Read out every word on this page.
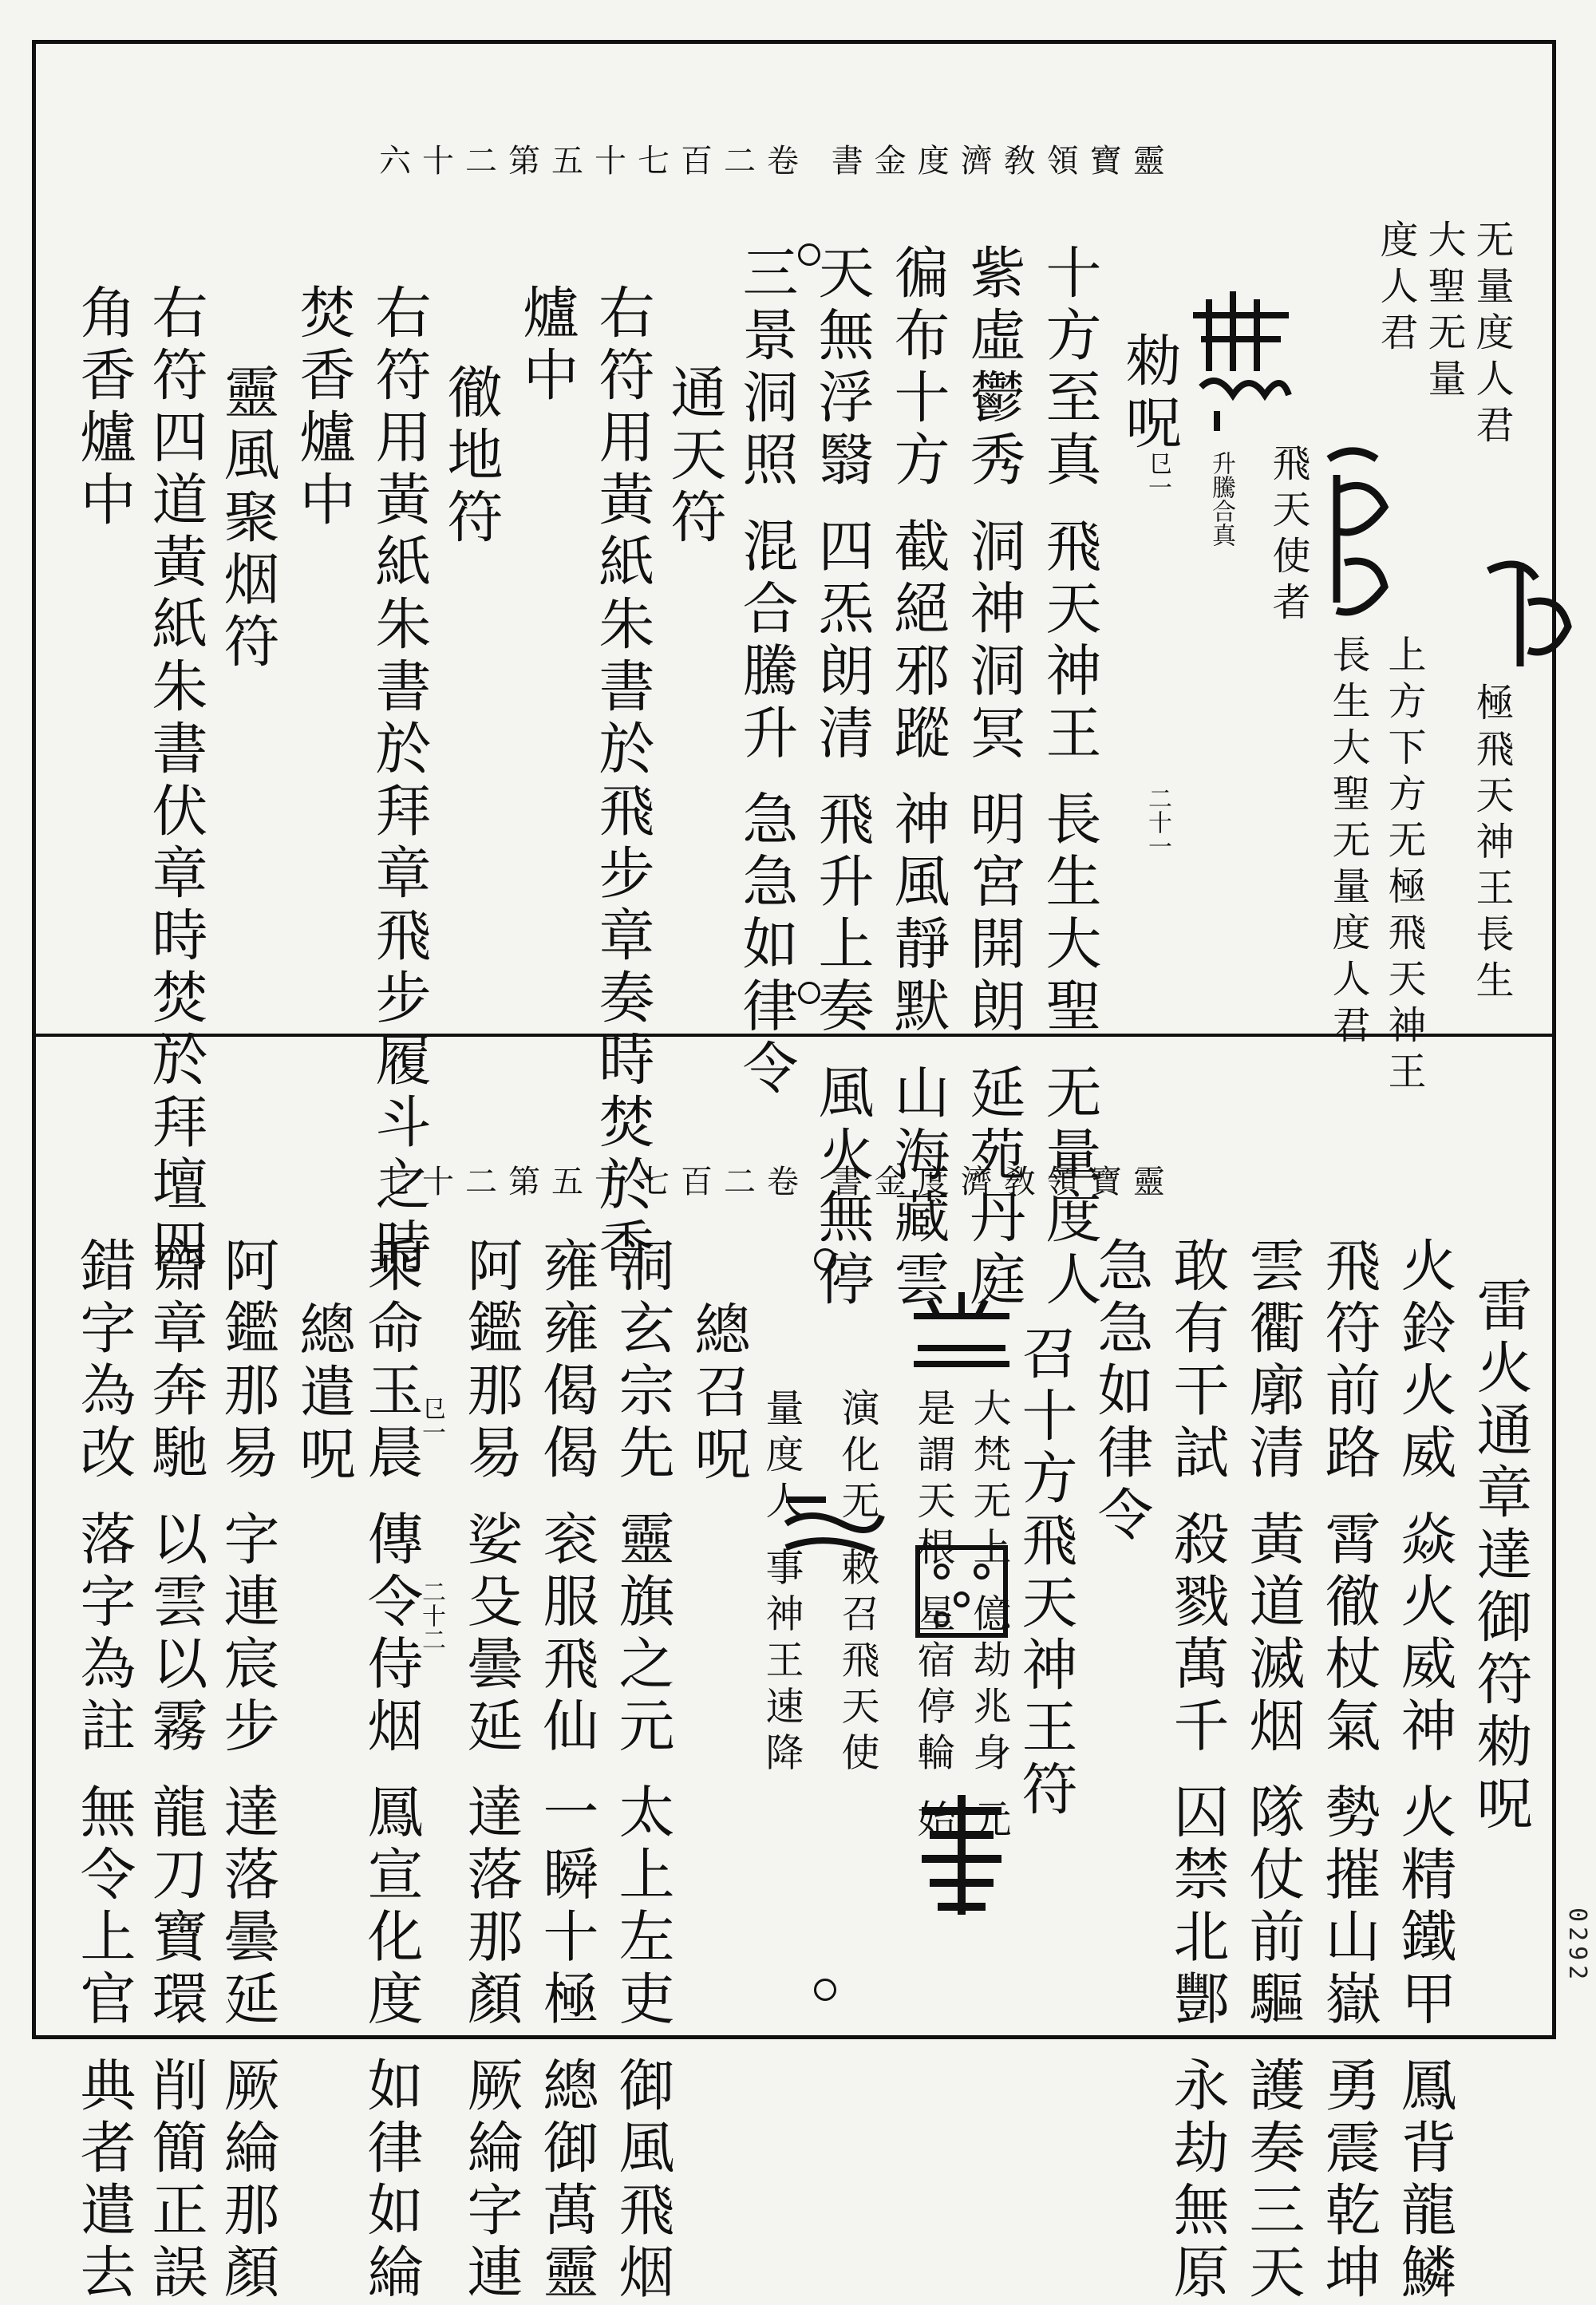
六十二第五十七百二卷 書金度濟敎領寶靈
㔾一
二十一
无量度人君
大聖无量
度人君
上方下方无極飛天神王
長生大聖无量度人君	極飛天神王長生
飛天使者
升騰合真
勑呪
十方至真 飛天神王 長生大聖 无量度人
紫虛鬱秀 洞神洞冥 明宮開朗 延苑丹庭
徧布十方 截絕邪蹤 神風靜默 山海藏雲
天無浮翳 四炁朗清 飛升上奏 風火無停
三景洞照 混合騰升 急急如律令
通天符
右符用黃紙朱書於飛步章奏時焚於香
爐中
徹地符
右符用黃紙朱書於拜章飛步履斗之時
焚香爐中
靈風聚烟符
右符四道黃紙朱書伏章時焚於拜壇四
角香爐中
七十二第五十七百二卷 書金度濟敎領寶靈
㔾一
二十二	雷火通章達御符勑呪
火鈴火威 焱火威神 火精鐵甲 鳳背龍鱗
飛符前路 霄徹杖氣 勢摧山嶽 勇震乾坤
雲衢廓清 黃道滅烟 隊仗前驅 護奏三天
敢有干試 殺戮萬千 囚禁北酆 永劫無原
急急如律令
召十方飛天神王符
大梵无上 億劫兆身 元
是謂天根 星宿停輪 始
演化无 敕召飛天使
量度人 事神王速降
總召呪
洞玄宗先 靈旗之元 太上左吏 御風飛烟
雍雍偈偈 衮服飛仙 一瞬十極 總御萬靈
阿鑑那易 娑殳曇延 達落那顏 厥綸字連
乘命玉晨 傳令侍烟 鳳宣化度 如律如綸
總遣呪
阿鑑那易 字連宸步 達落曇延 厥綸那顏
齋章奔馳 以雲以霧 龍刀寶環 削簡正誤
錯字為改 落字為註 無令上官 典者遣去	0292
